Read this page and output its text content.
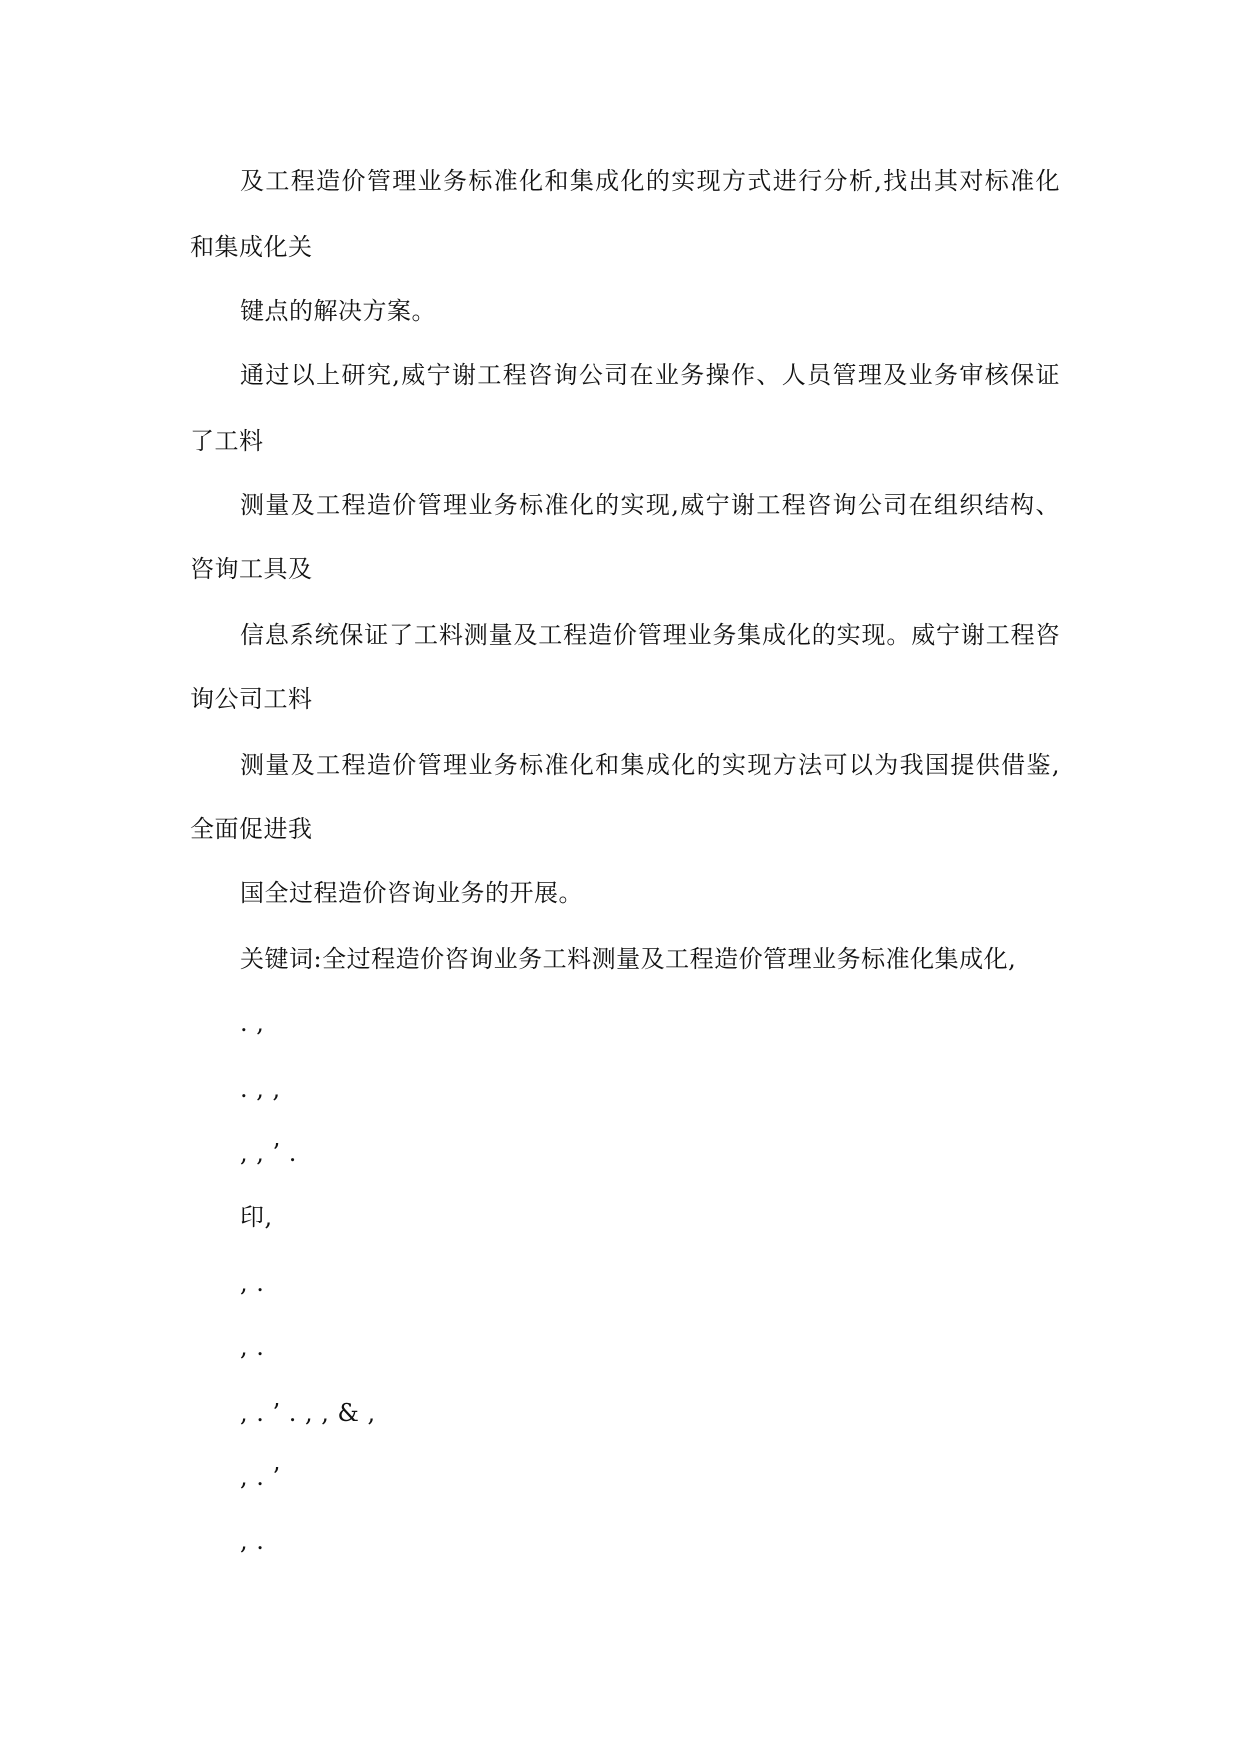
及工程造价管理业务标准化和集成化的实现方式进行分析,找出其对标准化
和集成化关
键点的解决方案。
通过以上研究,威宁谢工程咨询公司在业务操作、人员管理及业务审核保证
了工料
测量及工程造价管理业务标准化的实现,威宁谢工程咨询公司在组织结构、
咨询工具及
信息系统保证了工料测量及工程造价管理业务集成化的实现。威宁谢工程咨
询公司工料
测量及工程造价管理业务标准化和集成化的实现方法可以为我国提供借鉴,
全面促进我
国全过程造价咨询业务的开展。
关键词:全过程造价咨询业务工料测量及工程造价管理业务标准化集成化,
. ,
. , ,
, , ’ .
印,
, .
, .
, . ’ . , , & ,
, . ’
, .
